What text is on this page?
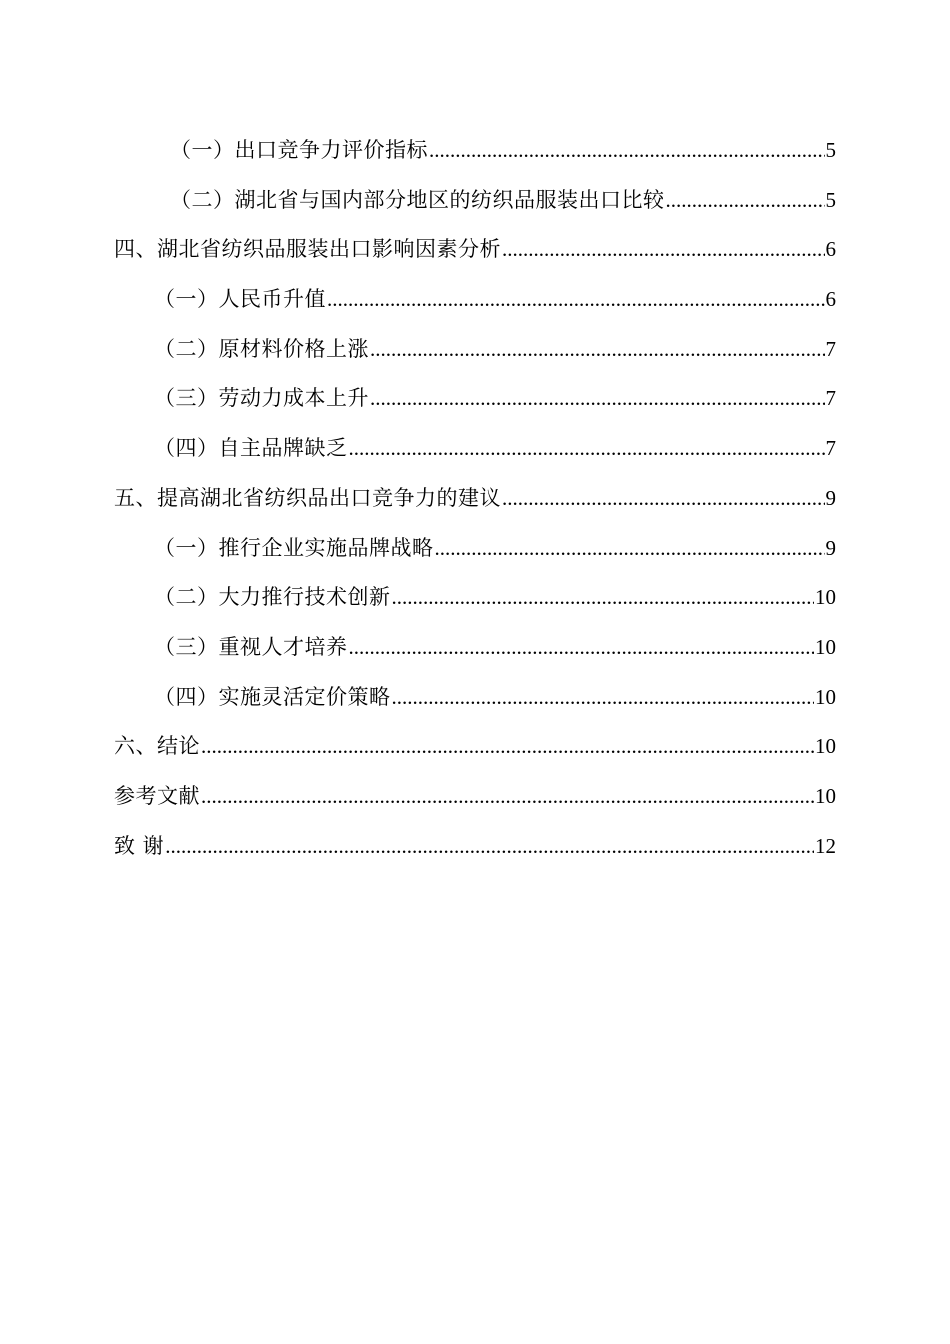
（一）出口竞争力评价指标 .....	5
（二）湖北省与国内部分地区的纺织品服装出口比较 .....	5
四、湖北省纺织品服装出口影响因素分析 .....	6
（一）人民币升值 .....	6
（二）原材料价格上涨 .....	7
（三）劳动力成本上升 .....	7
（四）自主品牌缺乏 .....	7
五、提高湖北省纺织品出口竞争力的建议 .....	9
（一）推行企业实施品牌战略 .....	9
（二）大力推行技术创新 .....	10
（三）重视人才培养 .....	10
（四）实施灵活定价策略 .....	10
六、结论 .....	10
参考文献 .....	10
致 谢 .....	12
